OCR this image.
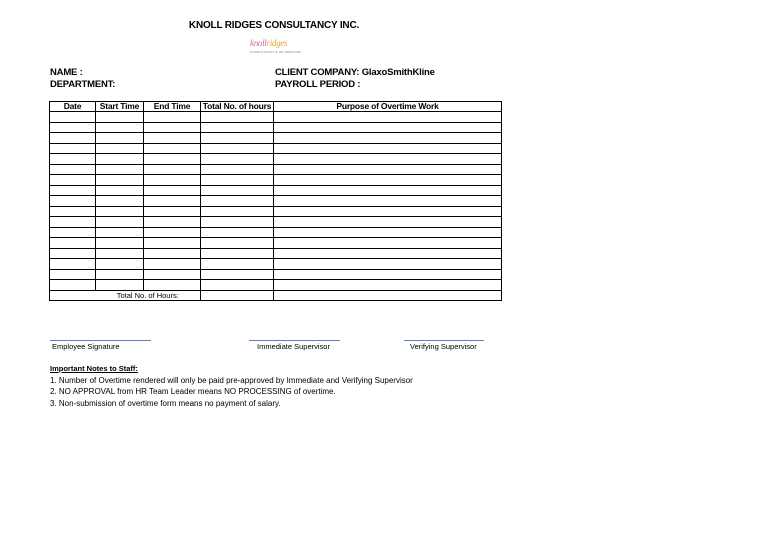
KNOLL RIDGES CONSULTANCY INC.
knollridges
CONSULTANCY & HR SERVICES
NAME :
DEPARTMENT:
CLIENT COMPANY: GlaxoSmithKline
PAYROLL PERIOD :
Date	Start Time	End Time	Total No. of hours	Purpose of Overtime Work

	Total No. of Hours:			
Employee Signature	Immediate Supervisor	Verifying Supervisor
Important Notes to Staff:
1. Number of Overtime rendered will only be paid pre-approved by Immediate and Verifying Supervisor
2. NO APPROVAL from HR Team Leader means NO PROCESSING of overtime.
3. Non-submission of overtime form means no payment of salary.
